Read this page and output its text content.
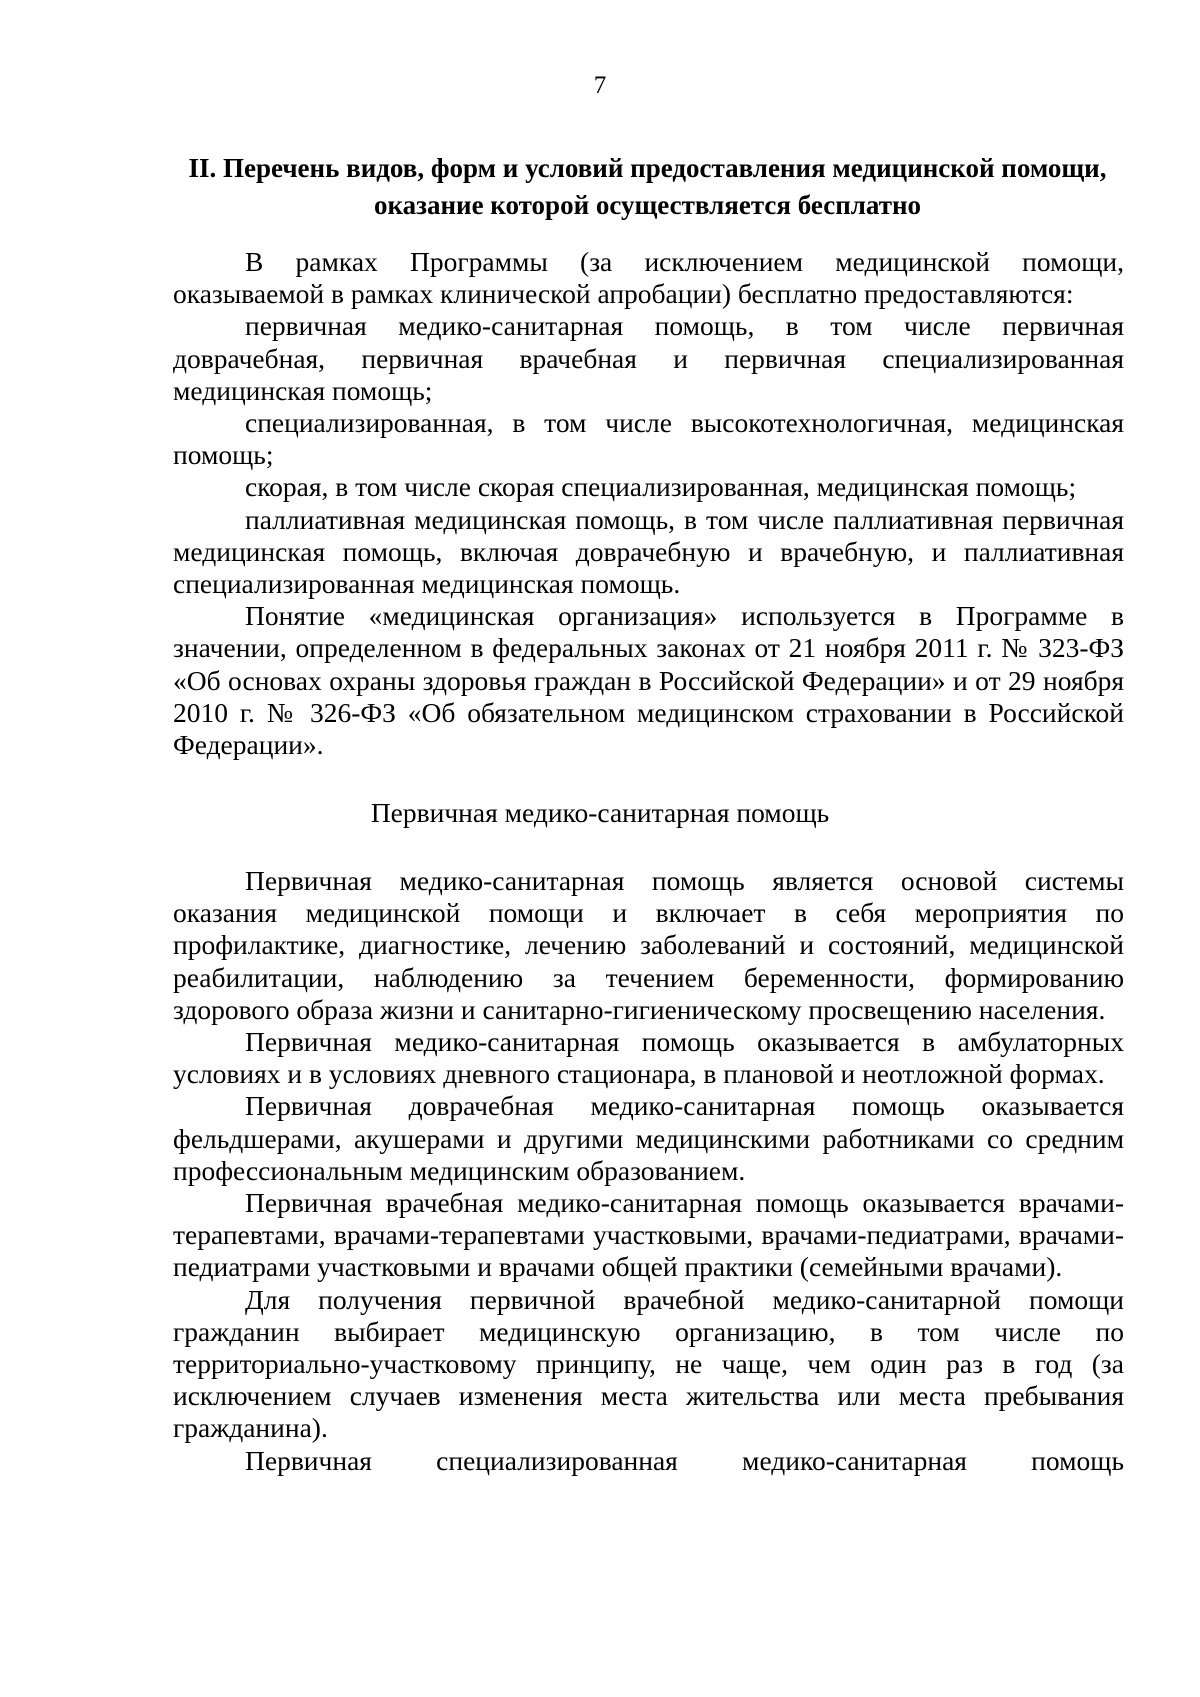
7
II. Перечень видов, форм и условий предоставления медицинской помощи, оказание которой осуществляется бесплатно

В рамках Программы (за исключением медицинской помощи, оказываемой в рамках клинической апробации) бесплатно предоставляются:

первичная медико-санитарная помощь, в том числе первичная доврачебная, первичная врачебная и первичная специализированная медицинская помощь;

специализированная, в том числе высокотехнологичная, медицинская помощь;

скорая, в том числе скорая специализированная, медицинская помощь;

паллиативная медицинская помощь, в том числе паллиативная первичная медицинская помощь, включая доврачебную и врачебную, и паллиативная специализированная медицинская помощь.

Понятие «медицинская организация» используется в Программе в значении, определенном в федеральных законах от 21 ноября 2011 г. № 323-ФЗ «Об основах охраны здоровья граждан в Российской Федерации» и от 29 ноября 2010 г. № 326-ФЗ «Об обязательном медицинском страховании в Российской Федерации».

Первичная медико-санитарная помощь

Первичная медико-санитарная помощь является основой системы оказания медицинской помощи и включает в себя мероприятия по профилактике, диагностике, лечению заболеваний и состояний, медицинской реабилитации, наблюдению за течением беременности, формированию здорового образа жизни и санитарно-гигиеническому просвещению населения.

Первичная медико-санитарная помощь оказывается в амбулаторных условиях и в условиях дневного стационара, в плановой и неотложной формах.

Первичная доврачебная медико-санитарная помощь оказывается фельдшерами, акушерами и другими медицинскими работниками со средним профессиональным медицинским образованием.

Первичная врачебная медико-санитарная помощь оказывается врачами-терапевтами, врачами-терапевтами участковыми, врачами-педиатрами, врачами-педиатрами участковыми и врачами общей практики (семейными врачами).

Для получения первичной врачебной медико-санитарной помощи гражданин выбирает медицинскую организацию, в том числе по территориально-участковому принципу, не чаще, чем один раз в год (за исключением случаев изменения места жительства или места пребывания гражданина).

Первичная специализированная медико-санитарная помощь
